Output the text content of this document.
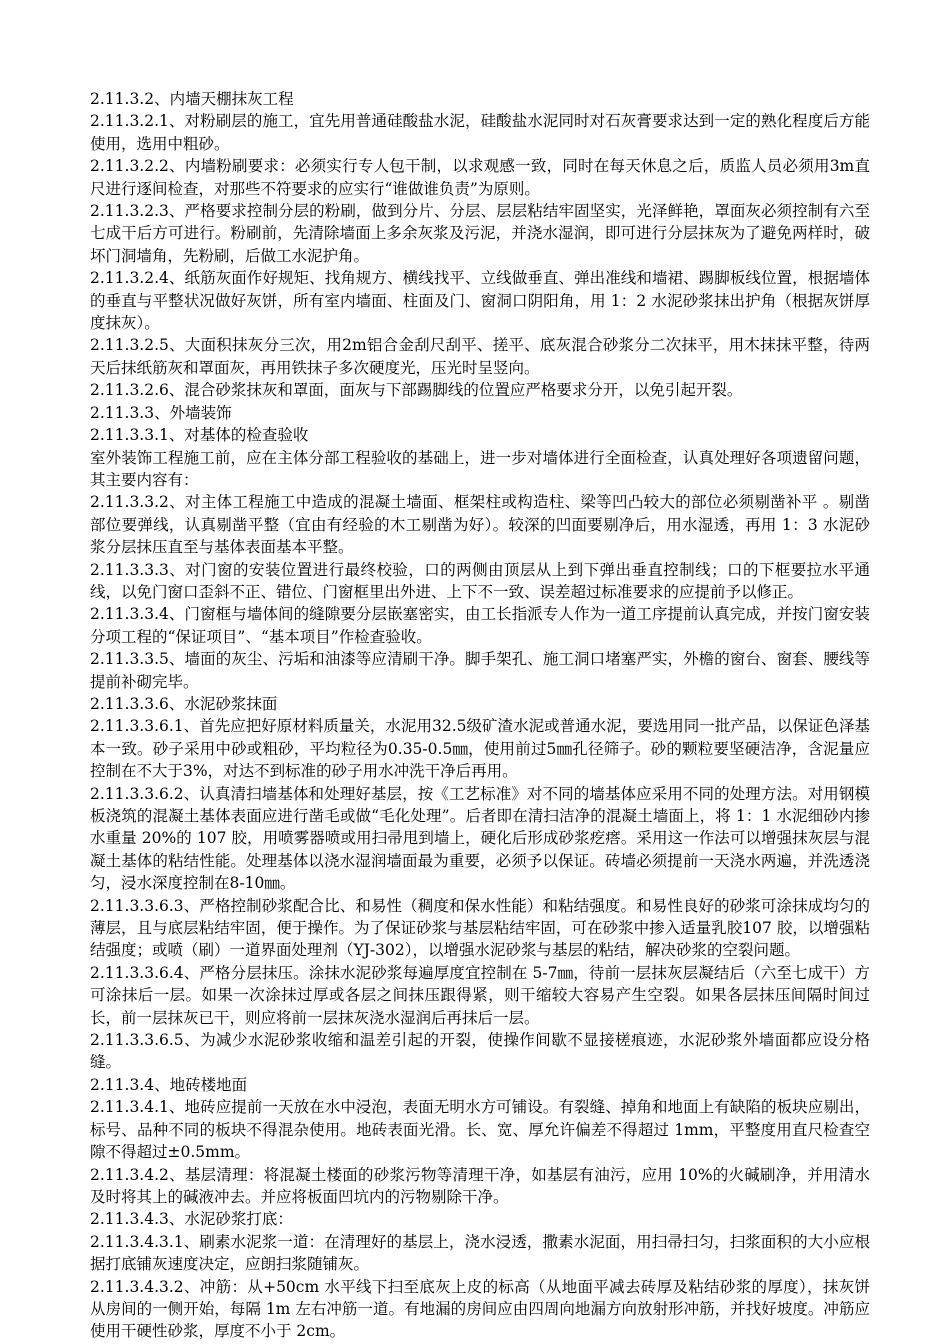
2.11.3.2、内墙天棚抹灰工程

2.11.3.2.1、对粉刷层的施工，宜先用普通硅酸盐水泥，硅酸盐水泥同时对石灰膏要求达到一定的熟化程度后方能使用，选用中粗砂。

2.11.3.2.2、内墙粉刷要求：必须实行专人包干制，以求观感一致，同时在每天休息之后，质监人员必须用3m直尺进行逐间检查，对那些不符要求的应实行“谁做谁负责”为原则。

2.11.3.2.3、严格要求控制分层的粉刷，做到分片、分层、层层粘结牢固坚实，光泽鲜艳，罩面灰必须控制有六至七成干后方可进行。粉刷前，先清除墙面上多余灰浆及污泥，并浇水湿润，即可进行分层抹灰为了避免两样时，破坏门洞墙角，先粉刷，后做工水泥护角。

2.11.3.2.4、纸筋灰面作好规矩、找角规方、横线找平、立线做垂直、弹出准线和墙裙、踢脚板线位置，根据墙体的垂直与平整状况做好灰饼，所有室内墙面、柱面及门、窗洞口阴阳角，用 1：2 水泥砂浆抹出护角（根据灰饼厚度抹灰）。

2.11.3.2.5、大面积抹灰分三次，用2m铝合金刮尺刮平、搓平、底灰混合砂浆分二次抹平，用木抹抹平整，待两天后抹纸筋灰和罩面灰，再用铁抹子多次硬度光，压光时呈竖向。

2.11.3.2.6、混合砂浆抹灰和罩面，面灰与下部踢脚线的位置应严格要求分开，以免引起开裂。

2.11.3.3、外墙装饰

2.11.3.3.1、对基体的检查验收

室外装饰工程施工前，应在主体分部工程验收的基础上，进一步对墙体进行全面检查，认真处理好各项遗留问题，其主要内容有：

2.11.3.3.2、对主体工程施工中造成的混凝土墙面、框架柱或构造柱、梁等凹凸较大的部位必须剔凿补平 。剔凿部位要弹线，认真剔凿平整（宜由有经验的木工剔凿为好）。较深的凹面要剔净后，用水湿透，再用 1：3 水泥砂浆分层抹压直至与基体表面基本平整。

2.11.3.3.3、对门窗的安装位置进行最终校验，口的两侧由顶层从上到下弹出垂直控制线；口的下框要拉水平通线，以免门窗口歪斜不正、错位、门窗框里出外进、上下不一致、误差超过标准要求的应提前予以修正。

2.11.3.3.4、门窗框与墙体间的缝隙要分层嵌塞密实，由工长指派专人作为一道工序提前认真完成，并按门窗安装分项工程的“保证项目”、“基本项目”作检查验收。

2.11.3.3.5、墙面的灰尘、污垢和油漆等应清刷干净。脚手架孔、施工洞口堵塞严实，外檐的窗台、窗套、腰线等提前补砌完毕。

2.11.3.3.6、水泥砂浆抹面

2.11.3.3.6.1、首先应把好原材料质量关，水泥用32.5级矿渣水泥或普通水泥，要选用同一批产品，以保证色泽基本一致。砂子采用中砂或粗砂，平均粒径为0.35-0.5㎜，使用前过5㎜孔径筛子。砂的颗粒要坚硬洁净，含泥量应控制在不大于3%，对达不到标准的砂子用水冲洗干净后再用。

2.11.3.3.6.2、认真清扫墙基体和处理好基层，按《工艺标准》对不同的墙基体应采用不同的处理方法。对用钢模板浇筑的混凝土基体表面应进行凿毛或做“毛化处理”。后者即在清扫洁净的混凝土墙面上，将 1：1 水泥细砂内掺水重量 20%的 107 胶，用喷雾器喷或用扫帚甩到墙上，硬化后形成砂浆疙瘩。采用这一作法可以增强抹灰层与混凝土基体的粘结性能。处理基体以浇水湿润墙面最为重要，必须予以保证。砖墙必须提前一天浇水两遍，并洗透浇匀，浸水深度控制在8-10㎜。

2.11.3.3.6.3、严格控制砂浆配合比、和易性（稠度和保水性能）和粘结强度。和易性良好的砂浆可涂抹成均匀的薄层，且与底层粘结牢固，便于操作。为了保证砂浆与基层粘结牢固，可在砂浆中掺入适量乳胶107 胶，以增强粘结强度；或喷（刷）一道界面处理剂（YJ-302），以增强水泥砂浆与基层的粘结，解决砂浆的空裂问题。

2.11.3.3.6.4、严格分层抹压。涂抹水泥砂浆每遍厚度宜控制在 5-7㎜，待前一层抹灰层凝结后（六至七成干）方可涂抹后一层。如果一次涂抹过厚或各层之间抹压跟得紧，则干缩较大容易产生空裂。如果各层抹压间隔时间过长，前一层抹灰已干，则应将前一层抹灰浇水湿润后再抹后一层。

2.11.3.3.6.5、为减少水泥砂浆收缩和温差引起的开裂，使操作间歇不显接槎痕迹，水泥砂浆外墙面都应设分格缝。

2.11.3.4、地砖楼地面

2.11.3.4.1、地砖应提前一天放在水中浸泡，表面无明水方可铺设。有裂缝、掉角和地面上有缺陷的板块应剔出，标号、品种不同的板块不得混杂使用。地砖表面光滑。长、宽、厚允许偏差不得超过 1mm，平整度用直尺检查空隙不得超过±0.5mm。

2.11.3.4.2、基层清理：将混凝土楼面的砂浆污物等清理干净，如基层有油污，应用 10%的火碱刷净，并用清水及时将其上的碱液冲去。并应将板面凹坑内的污物剔除干净。

2.11.3.4.3、水泥砂浆打底：

2.11.3.4.3.1、刷素水泥浆一道：在清理好的基层上，浇水浸透，撒素水泥面，用扫帚扫匀，扫浆面积的大小应根据打底铺灰速度决定，应朗扫浆随铺灰。

2.11.3.4.3.2、冲筋：从+50cm 水平线下扫至底灰上皮的标高（从地面平减去砖厚及粘结砂浆的厚度），抹灰饼从房间的一侧开始，每隔 1m 左右冲筋一道。有地漏的房间应由四周向地漏方向放射形冲筋，并找好坡度。冲筋应使用干硬性砂浆，厚度不小于 2cm。
